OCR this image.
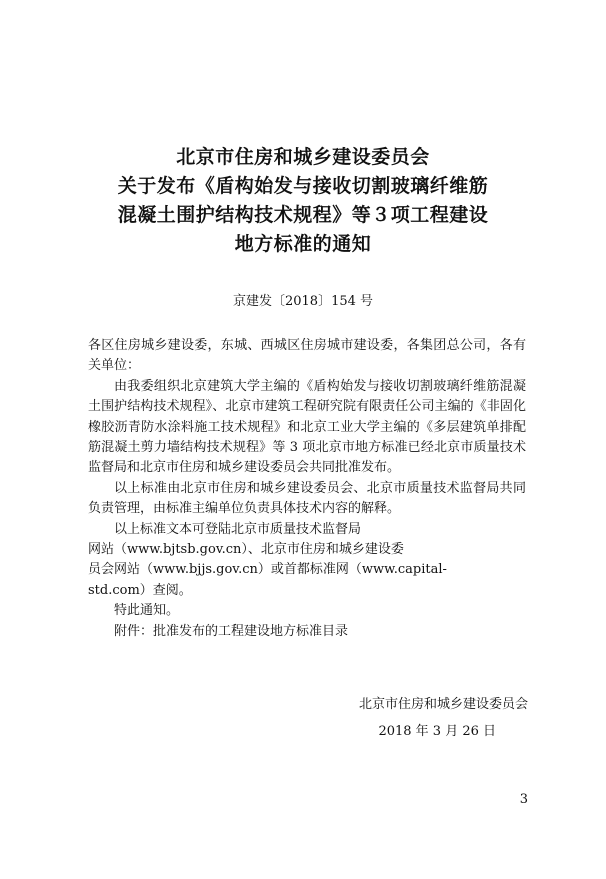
北京市住房和城乡建设委员会
关于发布《盾构始发与接收切割玻璃纤维筋
混凝土围护结构技术规程》等３项工程建设
地方标准的通知
京建发〔2018〕154 号

各区住房城乡建设委，东城、西城区住房城市建设委，各集团总公司，各有关单位：

由我委组织北京建筑大学主编的《盾构始发与接收切割玻璃纤维筋混凝土围护结构技术规程》、北京市建筑工程研究院有限责任公司主编的《非固化橡胶沥青防水涂料施工技术规程》和北京工业大学主编的《多层建筑单排配筋混凝土剪力墙结构技术规程》等 3 项北京市地方标准已经北京市质量技术监督局和北京市住房和城乡建设委员会共同批准发布。

以上标准由北京市住房和城乡建设委员会、北京市质量技术监督局共同负责管理，由标准主编单位负责具体技术内容的解释。

以上标准文本可登陆北京市质量技术监督局

网站（www.bjtsb.gov.cn）、北京市住房和城乡建设委

员会网站（www.bjjs.gov.cn）或首都标准网（www.capital-

std.com）查阅。

特此通知。

附件：批准发布的工程建设地方标准目录

北京市住房和城乡建设委员会
2018 年 3 月 26 日
3
